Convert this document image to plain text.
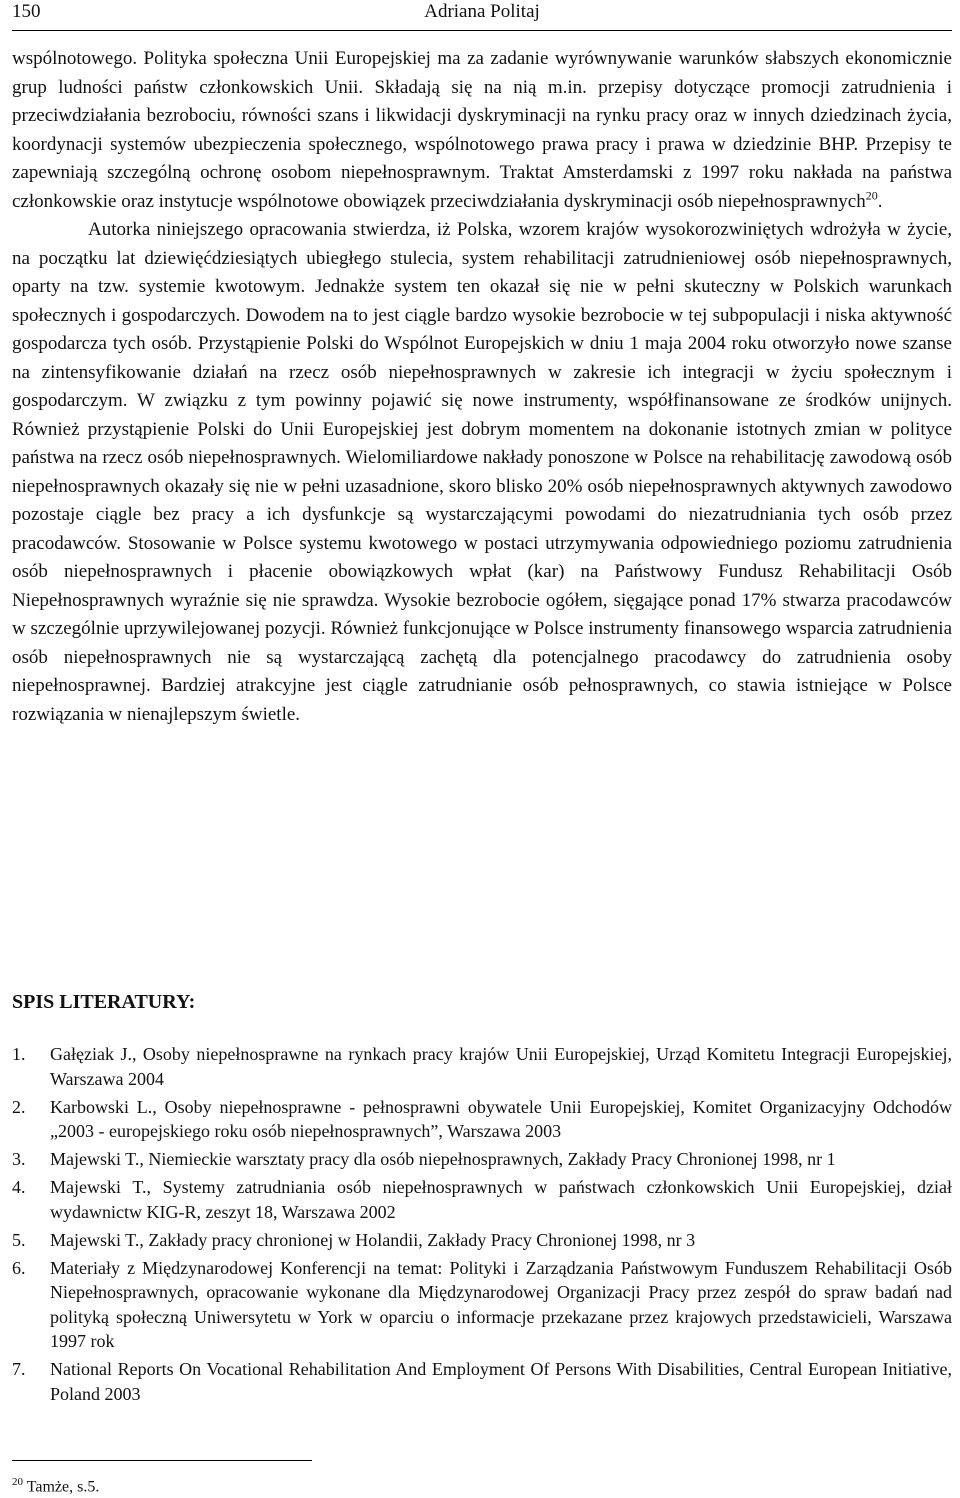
150	Adriana Politaj
wspólnotowego. Polityka społeczna Unii Europejskiej ma za zadanie wyrównywanie warunków słabszych ekonomicznie grup ludności państw członkowskich Unii. Składają się na nią m.in. przepisy dotyczące promocji zatrudnienia i przeciwdziałania bezrobociu, równości szans i likwidacji dyskryminacji na rynku pracy oraz w innych dziedzinach życia, koordynacji systemów ubezpieczenia społecznego, wspólnotowego prawa pracy i prawa w dziedzinie BHP. Przepisy te zapewniają szczególną ochronę osobom niepełnosprawnym. Traktat Amsterdamski z 1997 roku nakłada na państwa członkowskie oraz instytucje wspólnotowe obowiązek przeciwdziałania dyskryminacji osób niepełnosprawnych$^{20}$.
Autorka niniejszego opracowania stwierdza, iż Polska, wzorem krajów wysokorozwiniętych wdrożyła w życie, na początku lat dziewięćdziesiątych ubiegłego stulecia, system rehabilitacji zatrudnieniowej osób niepełnosprawnych, oparty na tzw. systemie kwotowym. Jednakże system ten okazał się nie w pełni skuteczny w Polskich warunkach społecznych i gospodarczych. Dowodem na to jest ciągle bardzo wysokie bezrobocie w tej subpopulacji i niska aktywność gospodarcza tych osób. Przystąpienie Polski do Wspólnot Europejskich w dniu 1 maja 2004 roku otworzyło nowe szanse na zintensyfikowanie działań na rzecz osób niepełnosprawnych w zakresie ich integracji w życiu społecznym i gospodarczym. W związku z tym powinny pojawić się nowe instrumenty, współfinansowane ze środków unijnych. Również przystąpienie Polski do Unii Europejskiej jest dobrym momentem na dokonanie istotnych zmian w polityce państwa na rzecz osób niepełnosprawnych. Wielomiliardowe nakłady ponoszone w Polsce na rehabilitację zawodową osób niepełnosprawnych okazały się nie w pełni uzasadnione, skoro blisko 20% osób niepełnosprawnych aktywnych zawodowo pozostaje ciągle bez pracy a ich dysfunkcje są wystarczającymi powodami do niezatrudniania tych osób przez pracodawców. Stosowanie w Polsce systemu kwotowego w postaci utrzymywania odpowiedniego poziomu zatrudnienia osób niepełnosprawnych i płacenie obowiązkowych wpłat (kar) na Państwowy Fundusz Rehabilitacji Osób Niepełnosprawnych wyraźnie się nie sprawdza. Wysokie bezrobocie ogółem, sięgające ponad 17% stwarza pracodawców w szczególnie uprzywilejowanej pozycji. Również funkcjonujące w Polsce instrumenty finansowego wsparcia zatrudnienia osób niepełnosprawnych nie są wystarczającą zachętą dla potencjalnego pracodawcy do zatrudnienia osoby niepełnosprawnej. Bardziej atrakcyjne jest ciągle zatrudnianie osób pełnosprawnych, co stawia istniejące w Polsce rozwiązania w nienajlepszym świetle.
SPIS LITERATURY:
1. Gałęziak J., Osoby niepełnosprawne na rynkach pracy krajów Unii Europejskiej, Urząd Komitetu Integracji Europejskiej, Warszawa 2004
2. Karbowski L., Osoby niepełnosprawne - pełnosprawni obywatele Unii Europejskiej, Komitet Organizacyjny Odchodów „2003 - europejskiego roku osób niepełnosprawnych”, Warszawa 2003
3. Majewski T., Niemieckie warsztaty pracy dla osób niepełnosprawnych, Zakłady Pracy Chronionej 1998, nr 1
4. Majewski T., Systemy zatrudniania osób niepełnosprawnych w państwach członkowskich Unii Europejskiej, dział wydawnictw KIG-R, zeszyt 18, Warszawa 2002
5. Majewski T., Zakłady pracy chronionej w Holandii, Zakłady Pracy Chronionej 1998, nr 3
6. Materiały z Międzynarodowej Konferencji na temat: Polityki i Zarządzania Państwowym Funduszem Rehabilitacji Osób Niepełnosprawnych, opracowanie wykonane dla Międzynarodowej Organizacji Pracy przez zespół do spraw badań nad polityką społeczną Uniwersytetu w York w oparciu o informacje przekazane przez krajowych przedstawicieli, Warszawa 1997 rok
7. National Reports On Vocational Rehabilitation And Employment Of Persons With Disabilities, Central European Initiative, Poland 2003
$^{20}$ Tamże, s.5.
